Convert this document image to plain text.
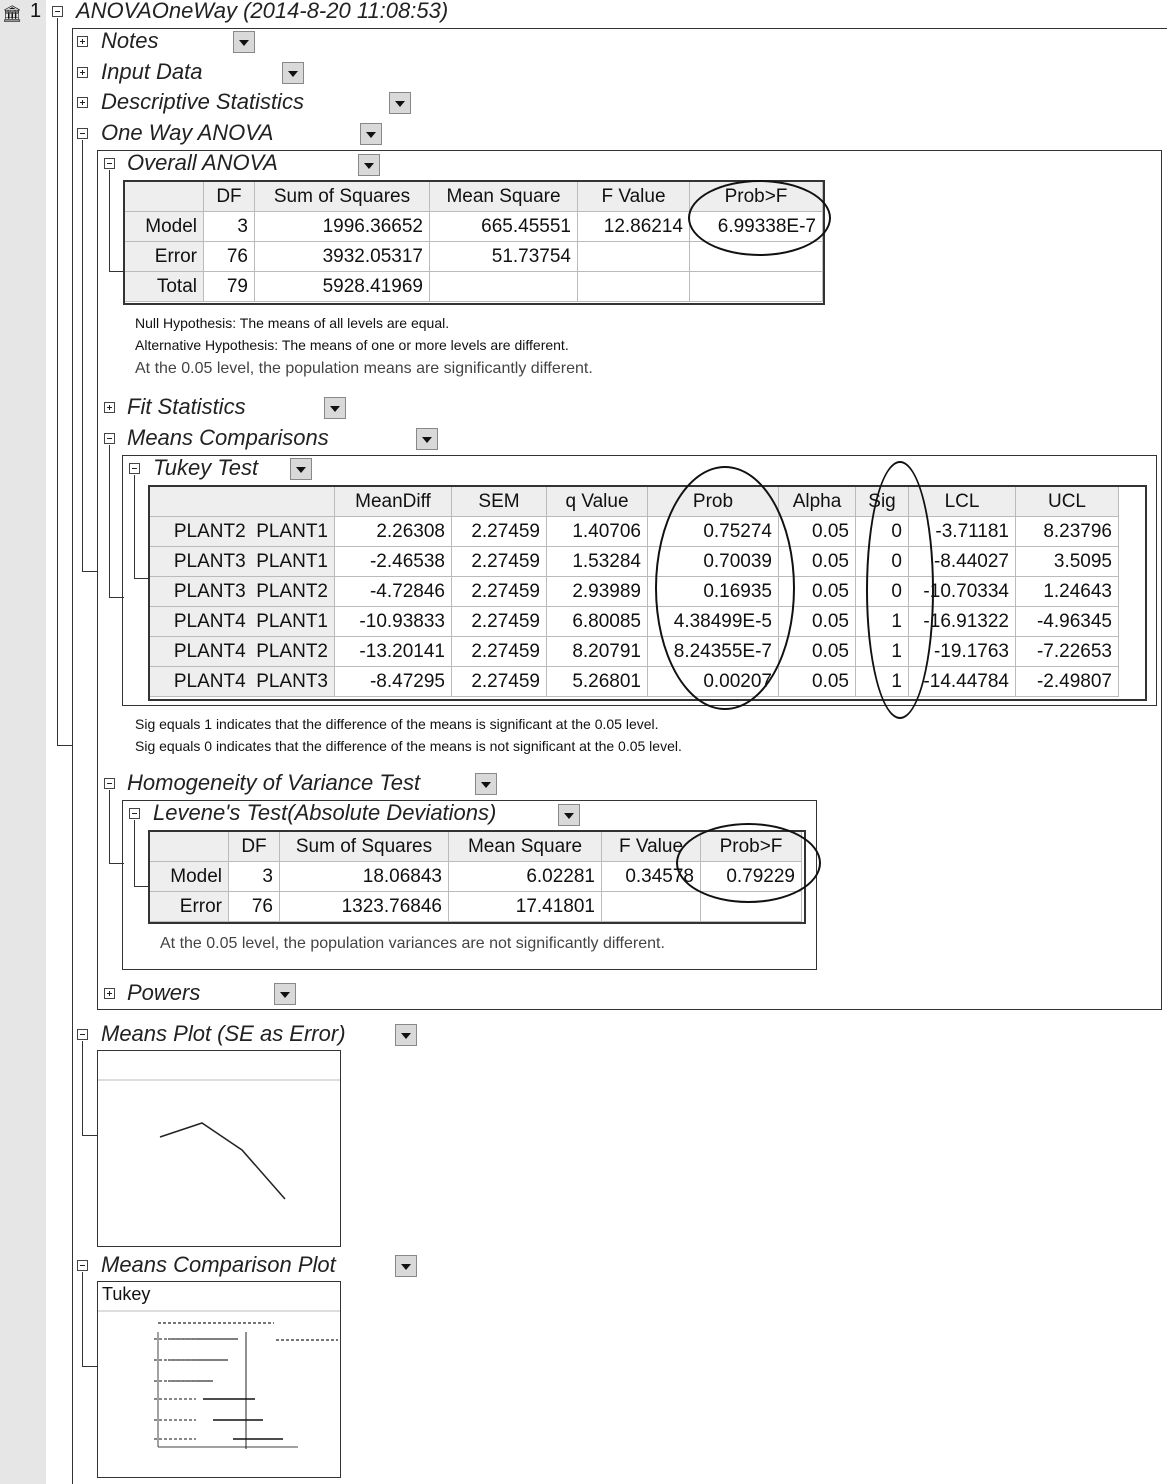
🏛 1 ANOVAOneWay (2014-8-20 11:08:53)
Notes
Input Data
Descriptive Statistics
One Way ANOVA
Overall ANOVA
	DF	Sum of Squares	Mean Square	F Value	Prob>F
Model	3	1996.36652	665.45551	12.86214	6.99338E-7
Error	76	3932.05317	51.73754		
Total	79	5928.41969			
Null Hypothesis: The means of all levels are equal.
Alternative Hypothesis: The means of one or more levels are different.
At the 0.05 level, the population means are significantly different.
Fit Statistics
Means Comparisons
Tukey Test
	MeanDiff	SEM	q Value	Prob	Alpha	Sig	LCL	UCL
PLANT2  PLANT1	2.26308	2.27459	1.40706	0.75274	0.05	0	-3.71181	8.23796
PLANT3  PLANT1	-2.46538	2.27459	1.53284	0.70039	0.05	0	-8.44027	3.5095
PLANT3  PLANT2	-4.72846	2.27459	2.93989	0.16935	0.05	0	-10.70334	1.24643
PLANT4  PLANT1	-10.93833	2.27459	6.80085	4.38499E-5	0.05	1	-16.91322	-4.96345
PLANT4  PLANT2	-13.20141	2.27459	8.20791	8.24355E-7	0.05	1	-19.1763	-7.22653
PLANT4  PLANT3	-8.47295	2.27459	5.26801	0.00207	0.05	1	-14.44784	-2.49807
Sig equals 1 indicates that the difference of the means is significant at the 0.05 level.
Sig equals 0 indicates that the difference of the means is not significant at the 0.05 level.
Homogeneity of Variance Test
Levene's Test(Absolute Deviations)
	DF	Sum of Squares	Mean Square	F Value	Prob>F
Model	3	18.06843	6.02281	0.34578	0.79229
Error	76	1323.76846	17.41801		
At the 0.05 level, the population variances are not significantly different.
Powers
Means Plot (SE as Error)
Means Comparison Plot
Tukey
